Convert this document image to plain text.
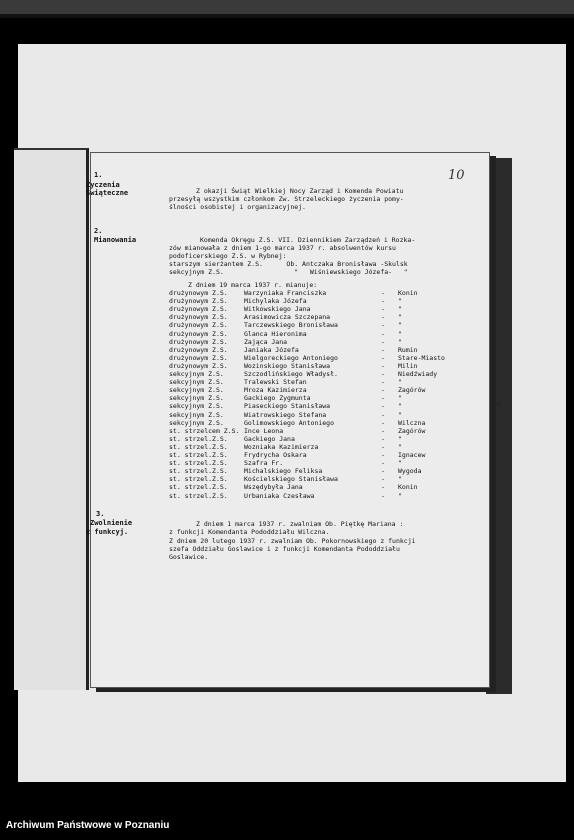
10
1.
Życzenia
Świąteczne	Z okazji Świąt Wielkiej Nocy Zarząd i Komenda Powiatu
przesyłą wszystkim członkom Zw. Strzeleckiego życzenia pomy-
ślności osobistej i organizacyjnej.
2.
Mianowania	Komenda Okręgu Z.S. VII. Dziennikiem Zarządzeń i Rozka-
zów mianowała z dniem 1-go marca 1937 r. absolwentów kursu
podoficerskiego Z.S. w Rybnej:
starszym sierżantem Z.S.      Ob. Antczaka Bronisława -Skulsk
sekcyjnym Z.S.                  "   Wiśniewskiego Józefa-   "
Z dniem 19 marca 1937 r. mianuje:
drużynowym Z.S.	Warzyniaka Franciszka	- Konin
drużynowym Z.S.	Michylaka Józefa	- "
drużynowym Z.S.	Witkowskiego Jana	- "
drużynowym Z.S.	Arasimowicza Szczepana	- "
drużynowym Z.S.	Tarczewskiego Bronisława	- "
drużynowym Z.S.	Glanca Hieronima	- "
drużynowym Z.S.	Zająca Jana	- "
drużynowym Z.S.	Janiaka Józefa	- Rumin
drużynowym Z.S.	Wielgoreckiego Antoniego	- Stare-Miasto
drużynowym Z.S.	Wozinskiego Stanisława	- Milin
sekcyjnym Z.S.	Szczodlińskiego Władysł.	- Niedźwiady
sekcyjnym Z.S.	Tralewski Stefan	- "
sekcyjnym Z.S.	Mroza Kazimierza	- Zagórów
sekcyjnym Z.S.	Gackiego Zygmunta	- "
sekcyjnym Z.S.	Piaseckiego Stanisława	- "
sekcyjnym Z.S.	Wiatrowskiego Stefana	- "
sekcyjnym Z.S.	Golimowskiego Antoniego	- Wilczna
st. strzelcem Z.S. Ince Leona	- Zagórów
st. strzel.Z.S.	Gackiego Jana	- "
st. strzel.Z.S.	Wozniaka Kazimierza	- "
st. strzel.Z.S.	Frydrycha Oskara	- Ignacew
st. strzel.Z.S.	Szafra Fr.	- "
st. strzel.Z.S.	Michalskiego Feliksa	- Wygoda
st. strzel.Z.S.	Kościelskiego Stanisława	- "
st. strzel.Z.S.	Wszędybyła Jana	- Konin
st. strzel.Z.S.	Urbaniaka Czesława	- "
Pm
3.
Zwolnienie
z funkcyj.
Z dniem 1 marca 1937 r. zwalniam Ob. Piętkę Mariana :
z funkcji Komendanta Pododdziału Wilczna.
Z dniem 20 lutego 1937 r. zwalniam Ob. Pokornowskiego z funkcji
szefa Oddziału Goslawice i z funkcji Komendanta Pododdziału
Goslawice.
Archiwum Państwowe w Poznaniu
